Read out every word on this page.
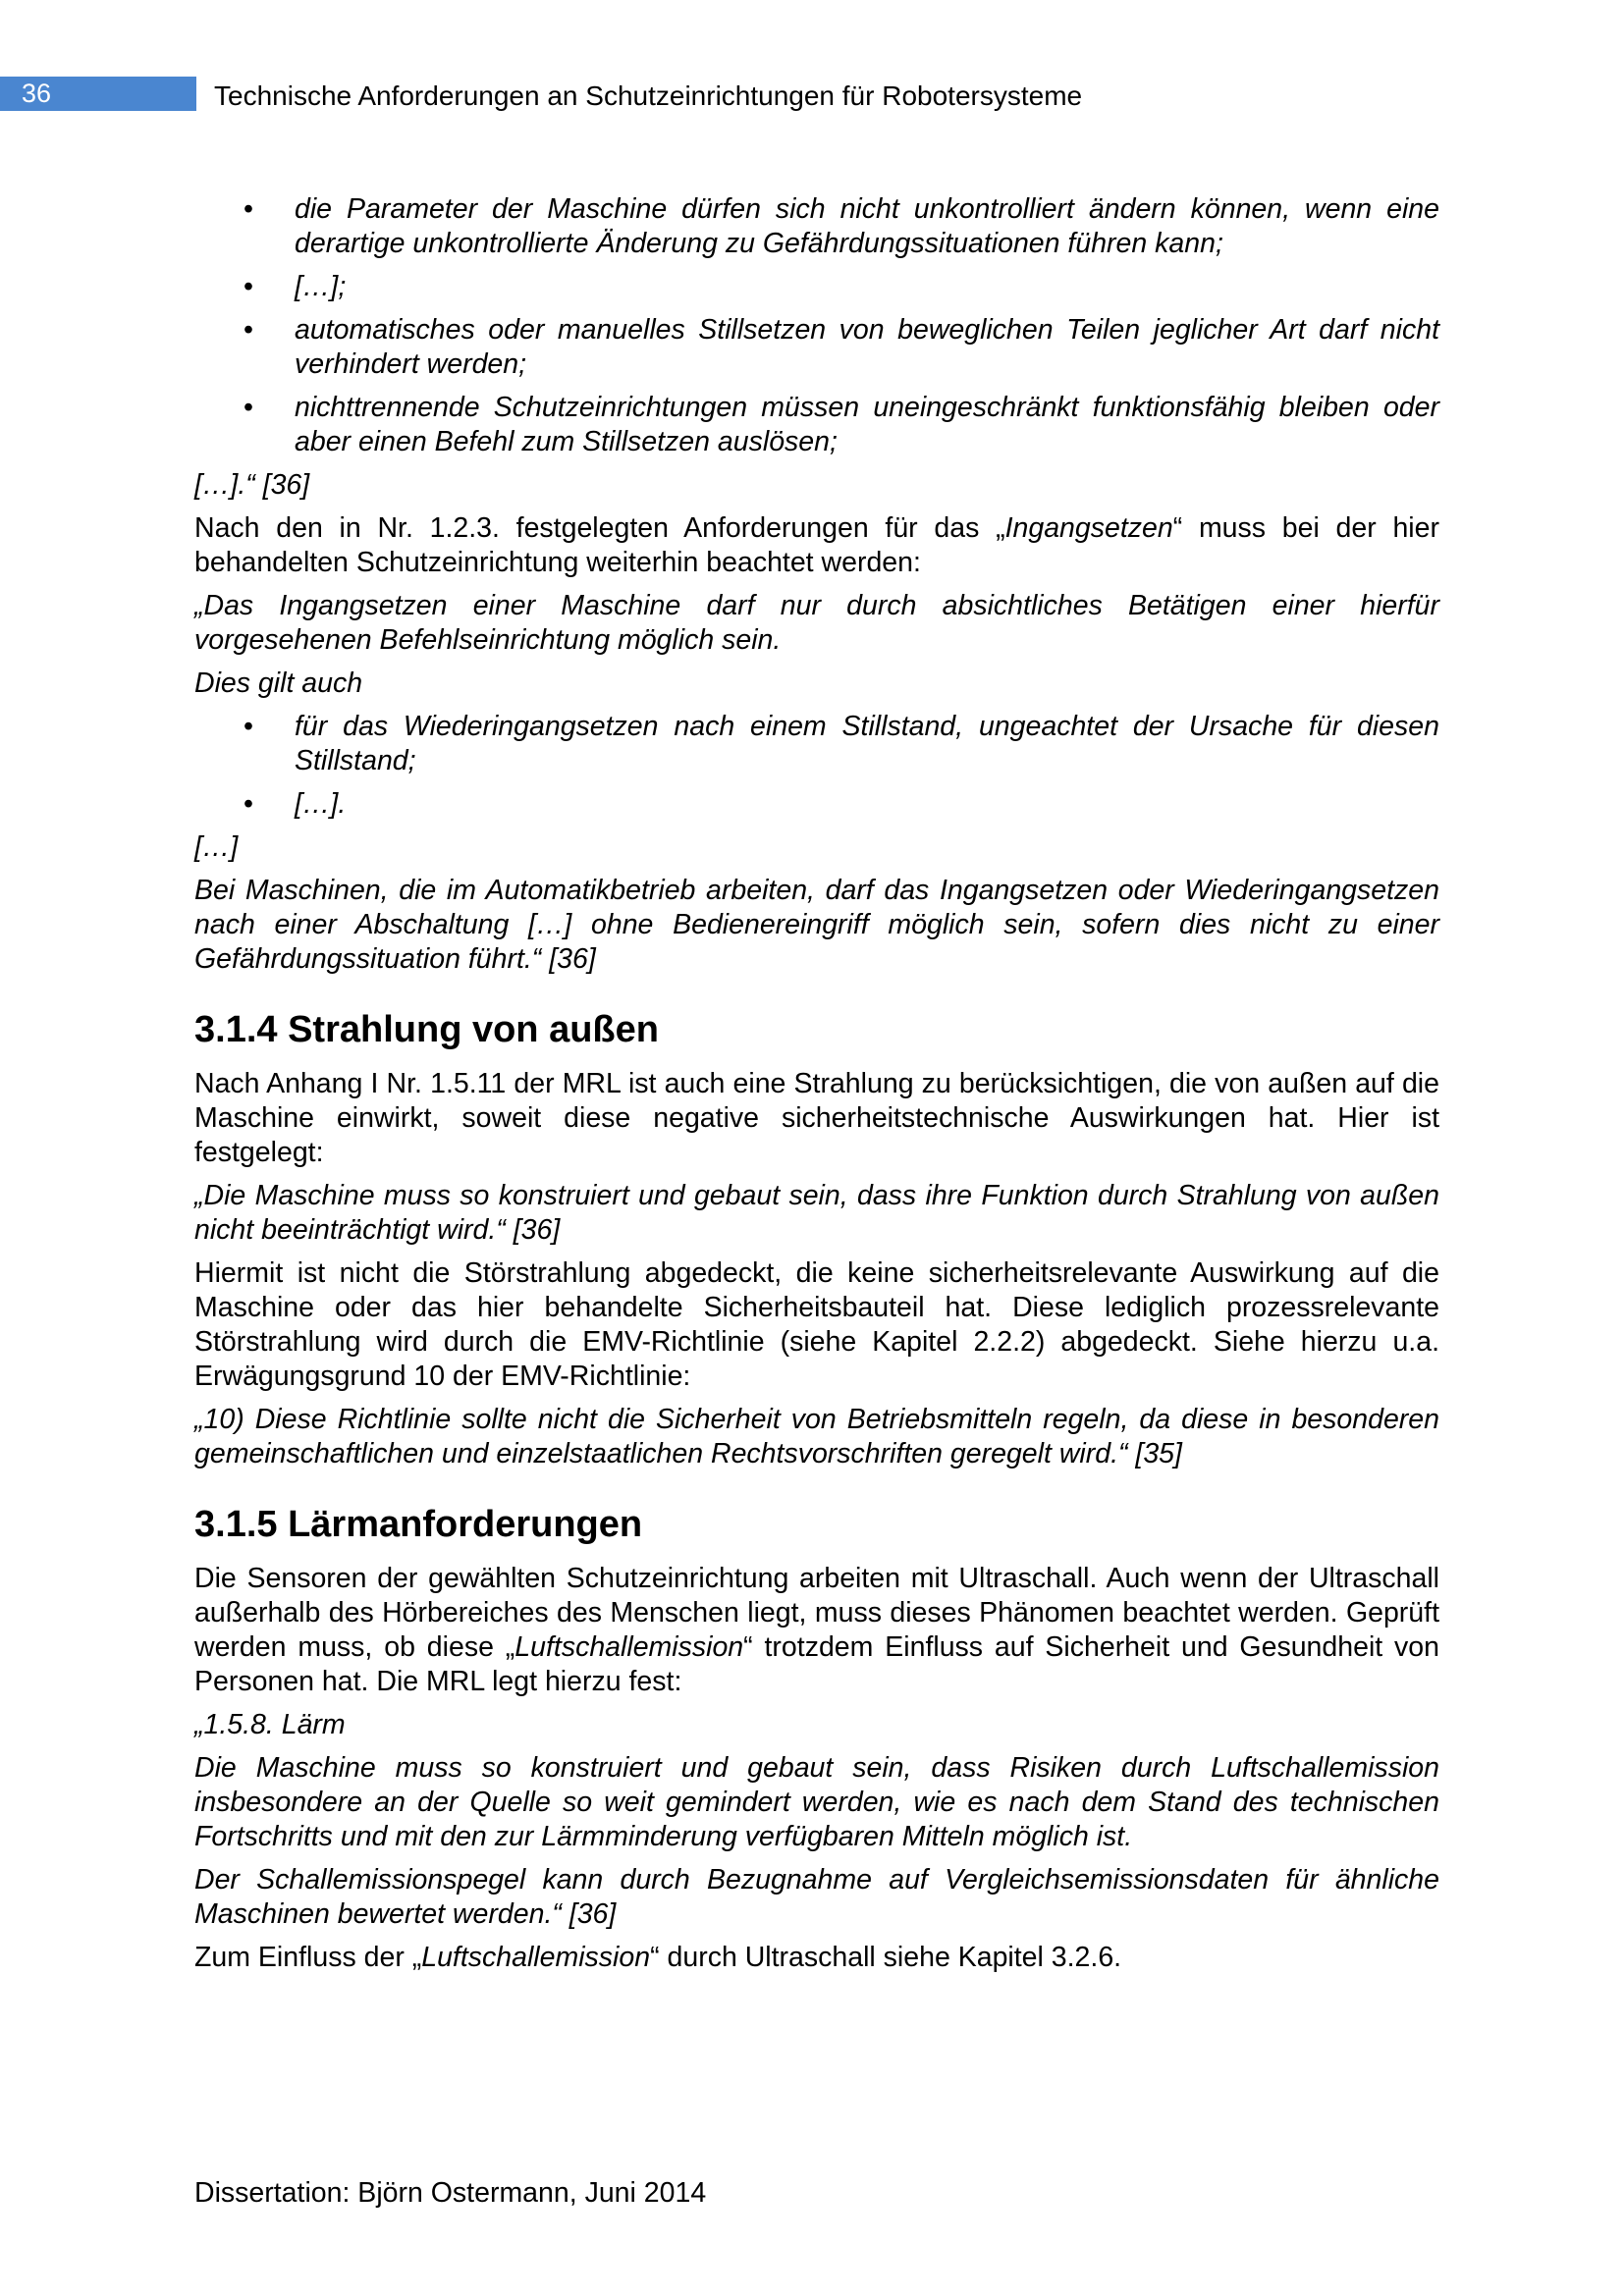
36	Technische Anforderungen an Schutzeinrichtungen für Robotersysteme
• die Parameter der Maschine dürfen sich nicht unkontrolliert ändern können, wenn eine derartige unkontrollierte Änderung zu Gefährdungssituationen führen kann;
• […];
• automatisches oder manuelles Stillsetzen von beweglichen Teilen jeglicher Art darf nicht verhindert werden;
• nichttrennende Schutzeinrichtungen müssen uneingeschränkt funktionsfähig bleiben oder aber einen Befehl zum Stillsetzen auslösen;

[…].“ [36]

Nach den in Nr. 1.2.3. festgelegten Anforderungen für das „Ingangsetzen“ muss bei der hier behandelten Schutzeinrichtung weiterhin beachtet werden:

„Das Ingangsetzen einer Maschine darf nur durch absichtliches Betätigen einer hierfür vorgesehenen Befehlseinrichtung möglich sein.

Dies gilt auch

• für das Wiederingangsetzen nach einem Stillstand, ungeachtet der Ursache für diesen Stillstand;
• […].

[…]

Bei Maschinen, die im Automatikbetrieb arbeiten, darf das Ingangsetzen oder Wiederingangsetzen nach einer Abschaltung […] ohne Bedienereingriff möglich sein, sofern dies nicht zu einer Gefährdungssituation führt.“ [36]

3.1.4 Strahlung von außen

Nach Anhang I Nr. 1.5.11 der MRL ist auch eine Strahlung zu berücksichtigen, die von außen auf die Maschine einwirkt, soweit diese negative sicherheitstechnische Auswirkungen hat. Hier ist festgelegt:

„Die Maschine muss so konstruiert und gebaut sein, dass ihre Funktion durch Strahlung von außen nicht beeinträchtigt wird.“ [36]

Hiermit ist nicht die Störstrahlung abgedeckt, die keine sicherheitsrelevante Auswirkung auf die Maschine oder das hier behandelte Sicherheitsbauteil hat. Diese lediglich prozessrelevante Störstrahlung wird durch die EMV-Richtlinie (siehe Kapitel 2.2.2) abgedeckt. Siehe hierzu u.a. Erwägungsgrund 10 der EMV-Richtlinie:

„10) Diese Richtlinie sollte nicht die Sicherheit von Betriebsmitteln regeln, da diese in besonderen gemeinschaftlichen und einzelstaatlichen Rechtsvorschriften geregelt wird.“ [35]

3.1.5 Lärmanforderungen

Die Sensoren der gewählten Schutzeinrichtung arbeiten mit Ultraschall. Auch wenn der Ultraschall außerhalb des Hörbereiches des Menschen liegt, muss dieses Phänomen beachtet werden. Geprüft werden muss, ob diese „Luftschallemission“ trotzdem Einfluss auf Sicherheit und Gesundheit von Personen hat. Die MRL legt hierzu fest:

„1.5.8. Lärm

Die Maschine muss so konstruiert und gebaut sein, dass Risiken durch Luftschallemission insbesondere an der Quelle so weit gemindert werden, wie es nach dem Stand des technischen Fortschritts und mit den zur Lärmminderung verfügbaren Mitteln möglich ist.

Der Schallemissionspegel kann durch Bezugnahme auf Vergleichsemissionsdaten für ähnliche Maschinen bewertet werden.“ [36]

Zum Einfluss der „Luftschallemission“ durch Ultraschall siehe Kapitel 3.2.6.

Dissertation: Björn Ostermann, Juni 2014
